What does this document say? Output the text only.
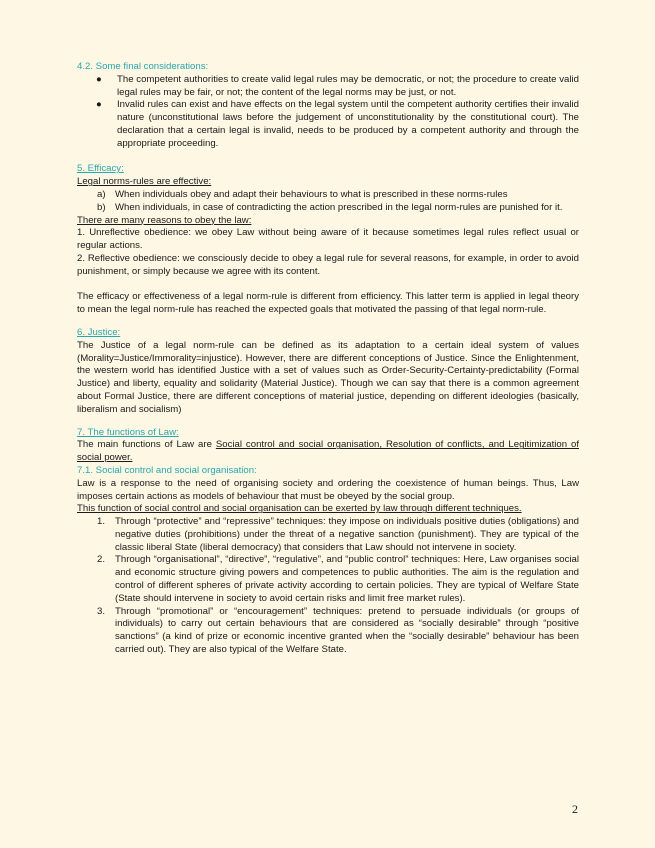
4.2. Some final considerations:
● The competent authorities to create valid legal rules may be democratic, or not; the procedure to create valid legal rules may be fair, or not; the content of the legal norms may be just, or not.
● Invalid rules can exist and have effects on the legal system until the competent authority certifies their invalid nature (unconstitutional laws before the judgement of unconstitutionality by the constitutional court). The declaration that a certain legal is invalid, needs to be produced by a competent authority and through the appropriate proceeding.
5. Efficacy:
Legal norms-rules are effective:
a) When individuals obey and adapt their behaviours to what is prescribed in these norms-rules
b) When individuals, in case of contradicting the action prescribed in the legal norm-rules are punished for it.
There are many reasons to obey the law:

1. Unreflective obedience: we obey Law without being aware of it because sometimes legal rules reflect usual or regular actions.

2. Reflective obedience: we consciously decide to obey a legal rule for several reasons, for example, in order to avoid punishment, or simply because we agree with its content.

The efficacy or effectiveness of a legal norm-rule is different from efficiency. This latter term is applied in legal theory to mean the legal norm-rule has reached the expected goals that motivated the passing of that legal norm-rule.

6. Justice:

The Justice of a legal norm-rule can be defined as its adaptation to a certain ideal system of values (Morality=Justice/Immorality=injustice). However, there are different conceptions of Justice. Since the Enlightenment, the western world has identified Justice with a set of values such as Order-Security-Certainty-predictability (Formal Justice) and liberty, equality and solidarity (Material Justice). Though we can say that there is a common agreement about Formal Justice, there are different conceptions of material justice, depending on different ideologies (basically, liberalism and socialism)

7. The functions of Law:

The main functions of Law are Social control and social organisation, Resolution of conflicts, and Legitimization of social power.

7.1. Social control and social organisation:

Law is a response to the need of organising society and ordering the coexistence of human beings. Thus, Law imposes certain actions as models of behaviour that must be obeyed by the social group.

This function of social control and social organisation can be exerted by law through different techniques.
1. Through “protective” and “repressive” techniques: they impose on individuals positive duties (obligations) and negative duties (prohibitions) under the threat of a negative sanction (punishment). They are typical of the classic liberal State (liberal democracy) that considers that Law should not intervene in society.
2. Through “organisational”, “directive”, “regulative”, and “public control” techniques: Here, Law organises social and economic structure giving powers and competences to public authorities. The aim is the regulation and control of different spheres of private activity according to certain policies. They are typical of Welfare State (State should intervene in society to avoid certain risks and limit free market rules).
3. Through “promotional” or “encouragement” techniques: pretend to persuade individuals (or groups of individuals) to carry out certain behaviours that are considered as “socially desirable” through “positive sanctions” (a kind of prize or economic incentive granted when the “socially desirable” behaviour has been carried out). They are also typical of the Welfare State.
2
